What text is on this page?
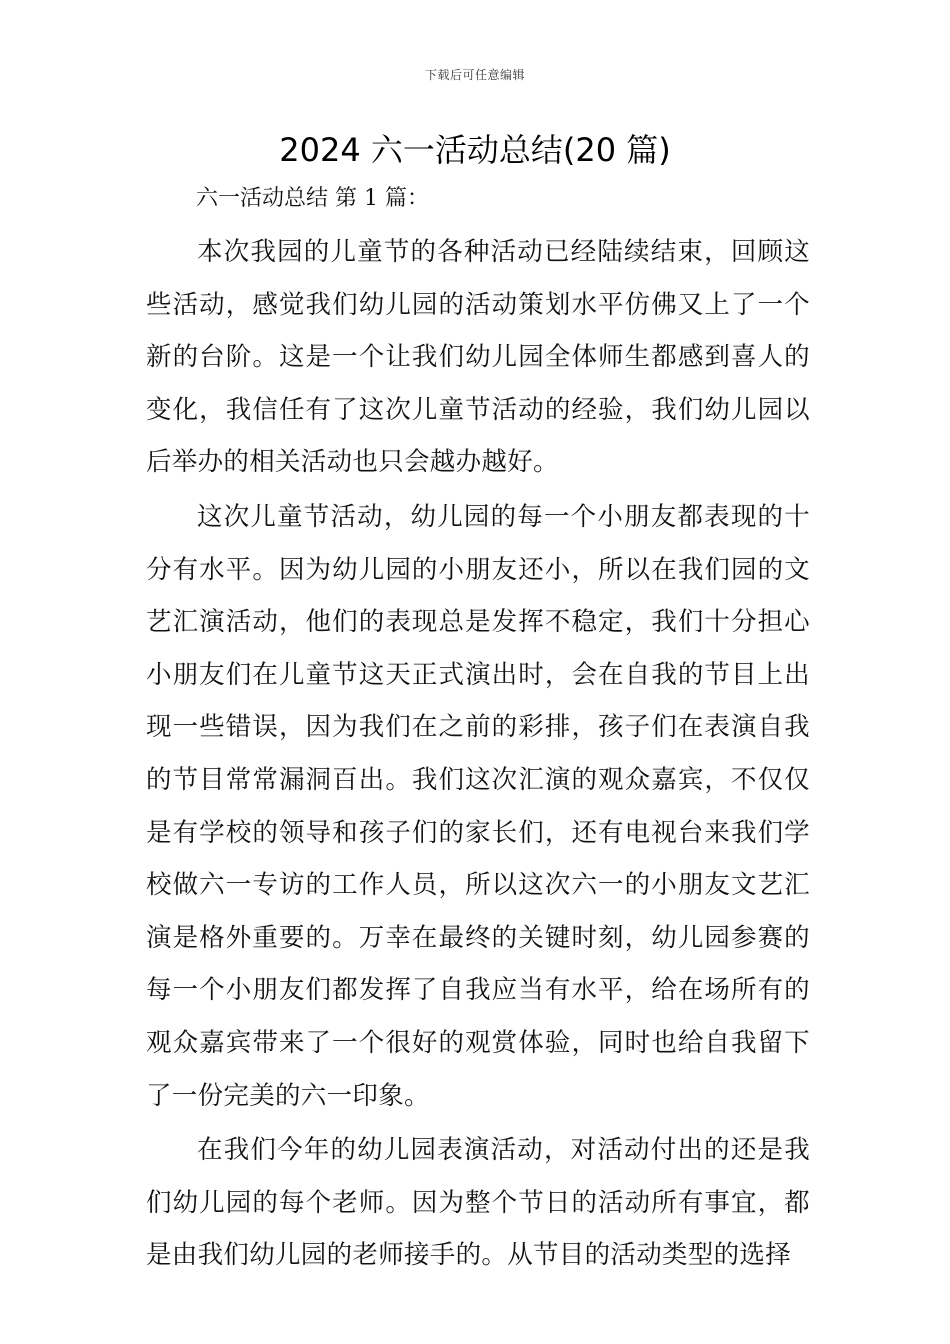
下载后可任意编辑
2024 六一活动总结(20 篇)
六一活动总结 第 1 篇：

本次我园的儿童节的各种活动已经陆续结束，回顾这些活动，感觉我们幼儿园的活动策划水平仿佛又上了一个新的台阶。这是一个让我们幼儿园全体师生都感到喜人的变化，我信任有了这次儿童节活动的经验，我们幼儿园以后举办的相关活动也只会越办越好。

这次儿童节活动，幼儿园的每一个小朋友都表现的十分有水平。因为幼儿园的小朋友还小，所以在我们园的文艺汇演活动，他们的表现总是发挥不稳定，我们十分担心小朋友们在儿童节这天正式演出时，会在自我的节目上出现一些错误，因为我们在之前的彩排，孩子们在表演自我的节目常常漏洞百出。我们这次汇演的观众嘉宾，不仅仅是有学校的领导和孩子们的家长们，还有电视台来我们学校做六一专访的工作人员，所以这次六一的小朋友文艺汇演是格外重要的。万幸在最终的关键时刻，幼儿园参赛的每一个小朋友们都发挥了自我应当有水平，给在场所有的观众嘉宾带来了一个很好的观赏体验，同时也给自我留下了一份完美的六一印象。

在我们今年的幼儿园表演活动，对活动付出的还是我们幼儿园的每个老师。因为整个节日的活动所有事宜，都是由我们幼儿园的老师接手的。从节目的活动类型的选择
